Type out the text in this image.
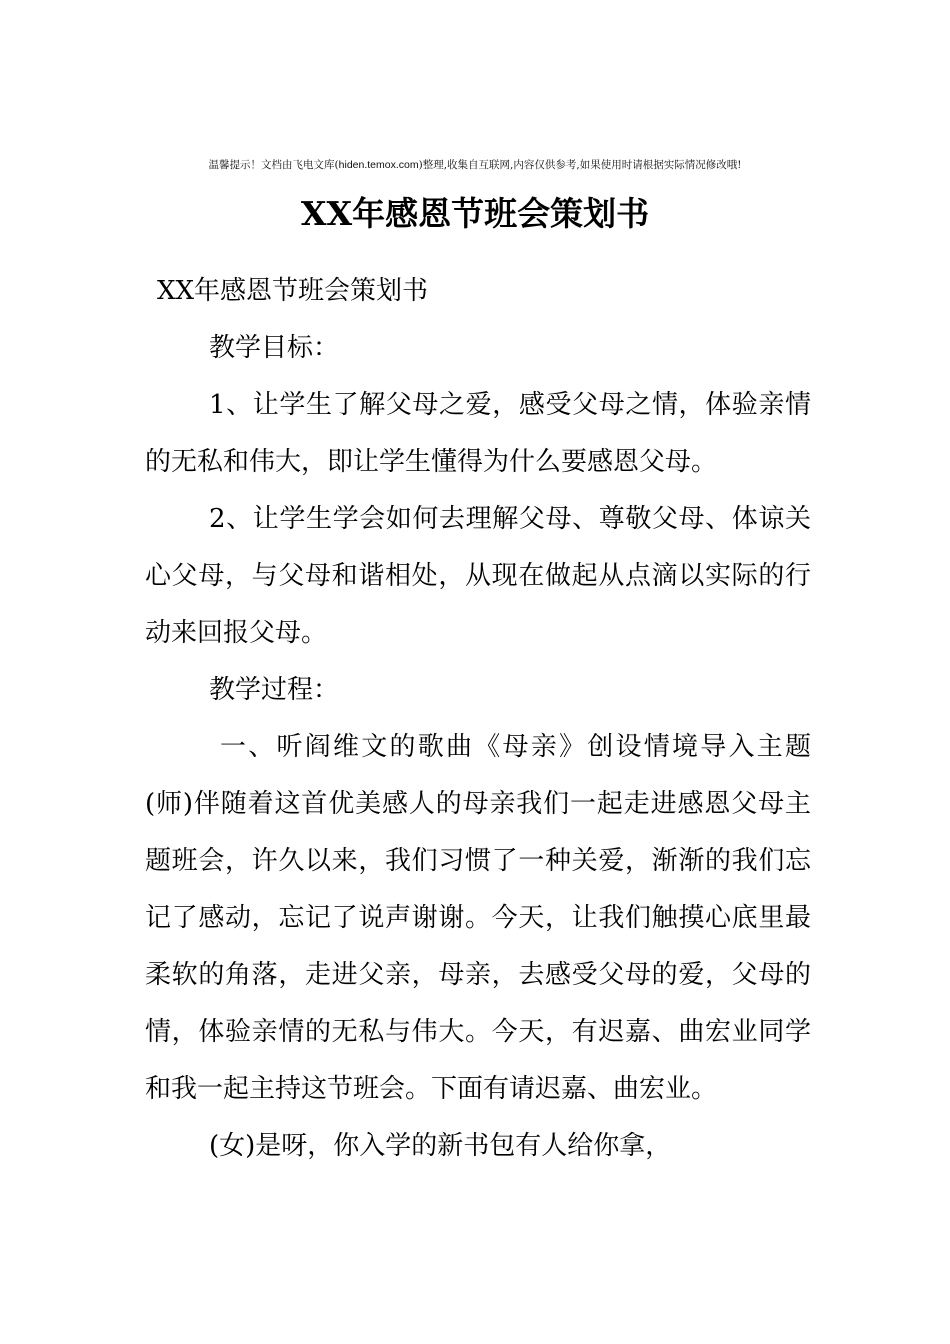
温馨提示！文档由飞电文库(hiden.temox.com)整理,收集自互联网,内容仅供参考,如果使用时请根据实际情况修改哦!
XX年感恩节班会策划书

XX年感恩节班会策划书

教学目标：

1、让学生了解父母之爱，感受父母之情，体验亲情的无私和伟大，即让学生懂得为什么要感恩父母。

2、让学生学会如何去理解父母、尊敬父母、体谅关心父母，与父母和谐相处，从现在做起从点滴以实际的行动来回报父母。

教学过程：

一、听阎维文的歌曲《母亲》创设情境导入主题(师)伴随着这首优美感人的母亲我们一起走进感恩父母主题班会，许久以来，我们习惯了一种关爱，渐渐的我们忘记了感动，忘记了说声谢谢。今天，让我们触摸心底里最柔软的角落，走进父亲，母亲，去感受父母的爱，父母的情，体验亲情的无私与伟大。今天，有迟嘉、曲宏业同学和我一起主持这节班会。下面有请迟嘉、曲宏业。

(女)是呀，你入学的新书包有人给你拿，
